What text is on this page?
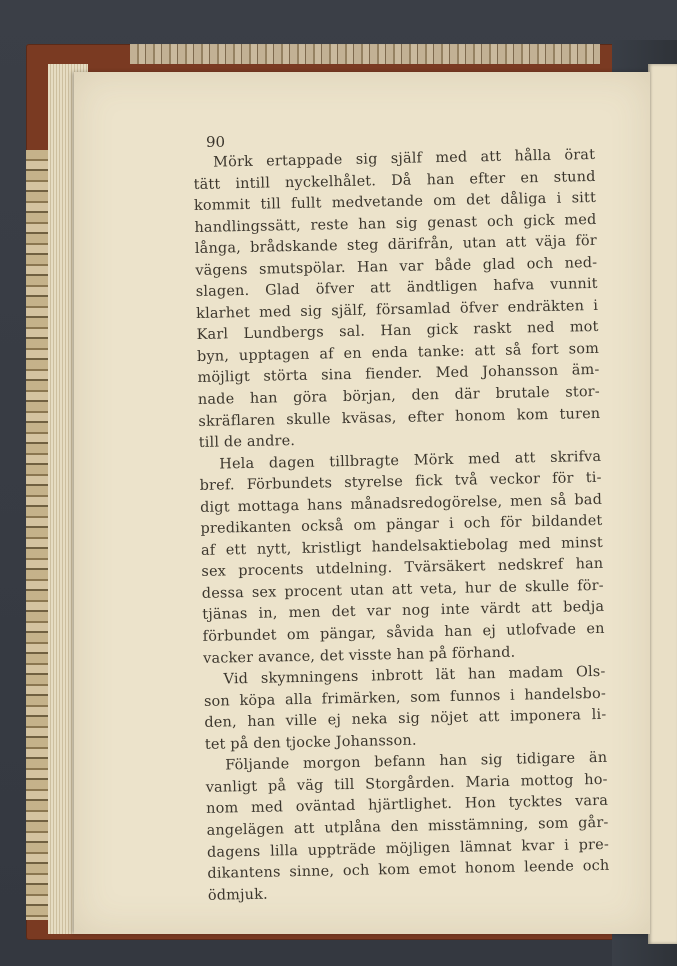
90
Mörk ertappade sig själf med att hålla örat
tätt intill nyckelhålet. Då han efter en stund
kommit till fullt medvetande om det dåliga i sitt
handlingssätt, reste han sig genast och gick med
långa, brådskande steg därifrån, utan att väja för
vägens smutspölar. Han var både glad och ned-
slagen. Glad öfver att ändtligen hafva vunnit
klarhet med sig själf, församlad öfver endräkten i
Karl Lundbergs sal. Han gick raskt ned mot
byn, upptagen af en enda tanke: att så fort som
möjligt störta sina fiender. Med Johansson äm-
nade han göra början, den där brutale stor-
skräflaren skulle kväsas, efter honom kom turen
till de andre.
Hela dagen tillbragte Mörk med att skrifva
bref. Förbundets styrelse fick två veckor för ti-
digt mottaga hans månadsredogörelse, men så bad
predikanten också om pängar i och för bildandet
af ett nytt, kristligt handelsaktiebolag med minst
sex procents utdelning. Tvärsäkert nedskref han
dessa sex procent utan att veta, hur de skulle för-
tjänas in, men det var nog inte värdt att bedja
förbundet om pängar, såvida han ej utlofvade en
vacker avance, det visste han på förhand.
Vid skymningens inbrott lät han madam Ols-
son köpa alla frimärken, som funnos i handelsbo-
den, han ville ej neka sig nöjet att imponera li-
tet på den tjocke Johansson.
Följande morgon befann han sig tidigare än
vanligt på väg till Storgården. Maria mottog ho-
nom med oväntad hjärtlighet. Hon tycktes vara
angelägen att utplåna den misstämning, som går-
dagens lilla uppträde möjligen lämnat kvar i pre-
dikantens sinne, och kom emot honom leende och
ödmjuk.
